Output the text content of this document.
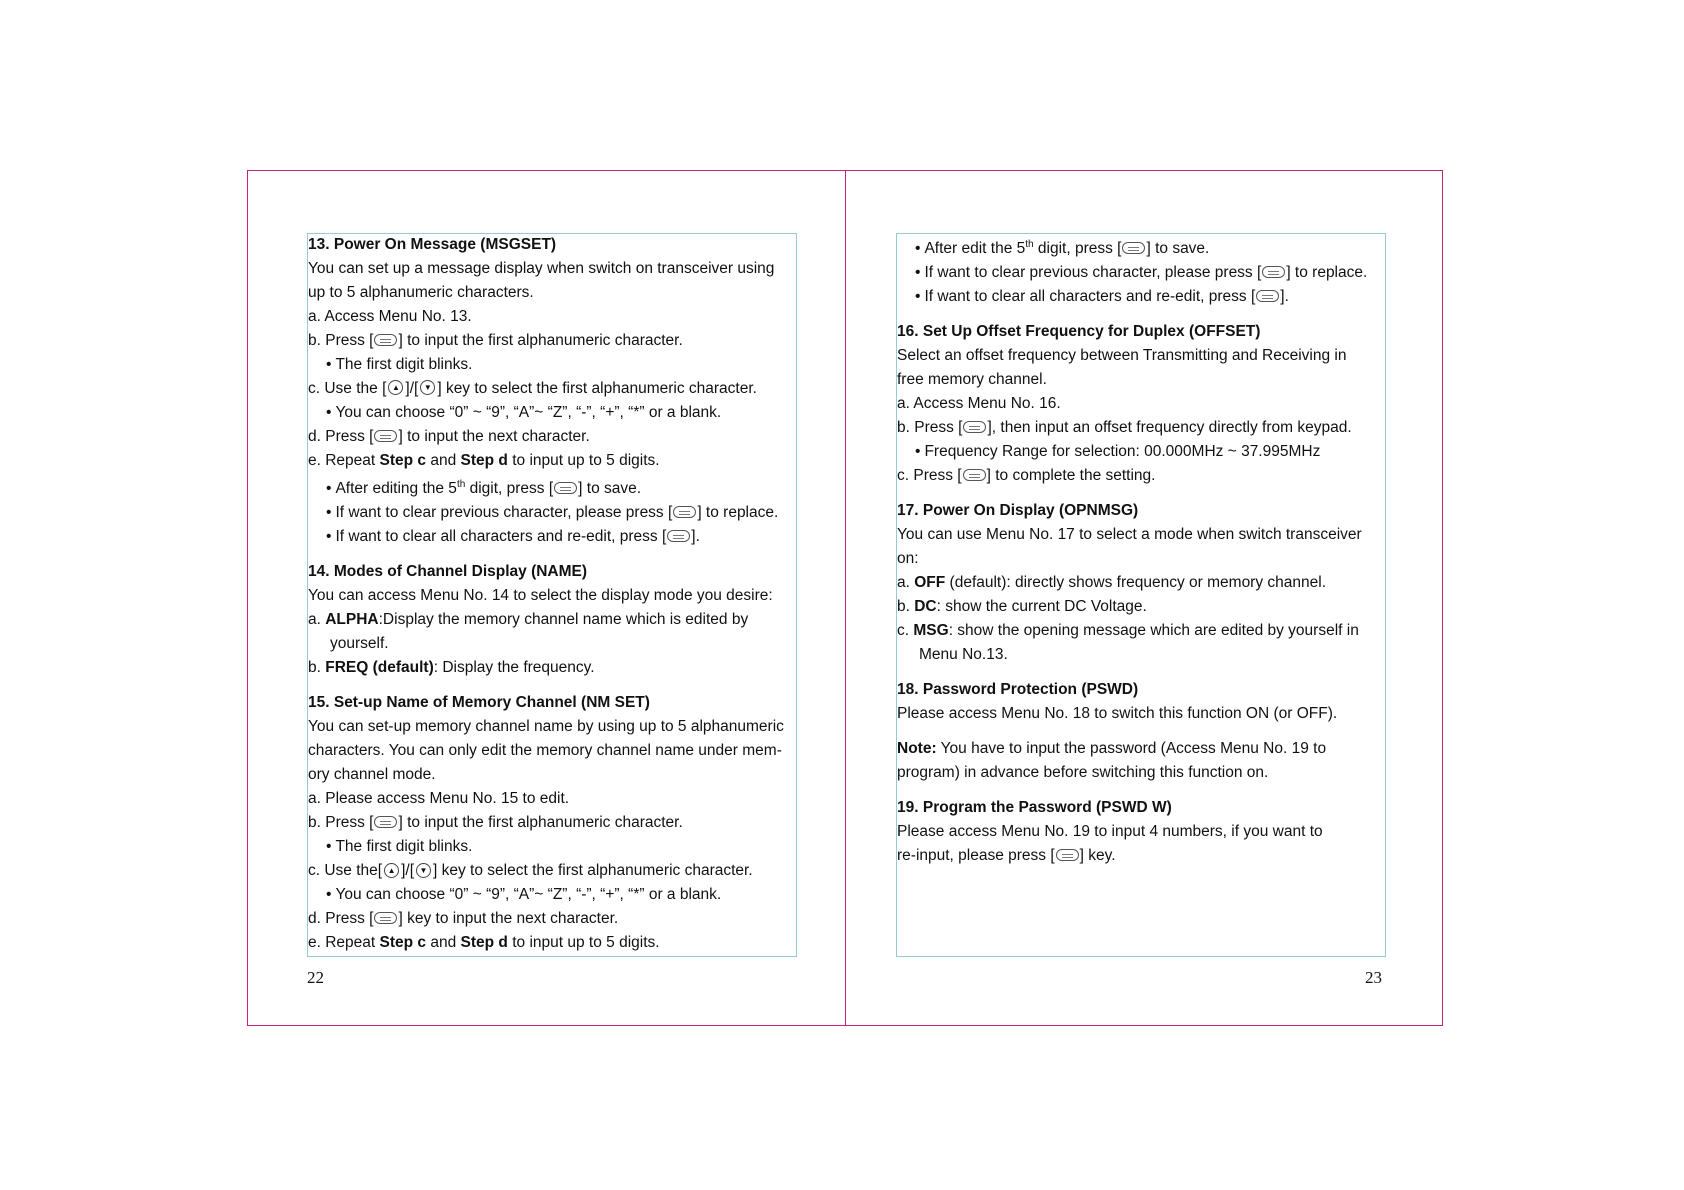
13. Power On Message (MSGSET)

You can set up a message display when switch on transceiver using

up to 5 alphanumeric characters.

a. Access Menu No. 13.

b. Press [ ] to input the first alphanumeric character.

• The first digit blinks.

c. Use the [ ▲ ]/[ ▼ ] key to select the first alphanumeric character.

• You can choose “0” ~ “9”, “A”~ “Z”, “-”, “+”, “*” or a blank.

d. Press [ ] to input the next character.

e. Repeat Step c and Step d to input up to 5 digits.

• After editing the 5th digit, press [ ] to save.

• If want to clear previous character, please press [ ] to replace.

• If want to clear all characters and re-edit, press [ ].

14. Modes of Channel Display (NAME)

You can access Menu No. 14 to select the display mode you desire:

a. ALPHA:Display the memory channel name which is edited by

yourself.

b. FREQ (default): Display the frequency.

15. Set-up Name of Memory Channel (NM SET)

You can set-up memory channel name by using up to 5 alphanumeric

characters. You can only edit the memory channel name under mem-

ory channel mode.

a. Please access Menu No. 15 to edit.

b. Press [ ] to input the first alphanumeric character.

• The first digit blinks.

c. Use the[ ▲ ]/[ ▼ ] key to select the first alphanumeric character.

• You can choose “0” ~ “9”, “A”~ “Z”, “-”, “+”, “*” or a blank.

d. Press [ ] key to input the next character.

e. Repeat Step c and Step d to input up to 5 digits.

• After edit the 5th digit, press [ ] to save.

• If want to clear previous character, please press [ ] to replace.

• If want to clear all characters and re-edit, press [ ].

16. Set Up Offset Frequency for Duplex (OFFSET)

Select an offset frequency between Transmitting and Receiving in

free memory channel.

a. Access Menu No. 16.

b. Press [ ], then input an offset frequency directly from keypad.

• Frequency Range for selection: 00.000MHz ~ 37.995MHz

c. Press [ ] to complete the setting.

17. Power On Display (OPNMSG)

You can use Menu No. 17 to select a mode when switch transceiver

on:

a. OFF (default): directly shows frequency or memory channel.

b. DC: show the current DC Voltage.

c. MSG: show the opening message which are edited by yourself in

Menu No.13.

18. Password Protection (PSWD)

Please access Menu No. 18 to switch this function ON (or OFF).

Note: You have to input the password (Access Menu No. 19 to

program) in advance before switching this function on.

19. Program the Password (PSWD W)

Please access Menu No. 19 to input 4 numbers, if you want to

re-input, please press [ ] key.

22	23
